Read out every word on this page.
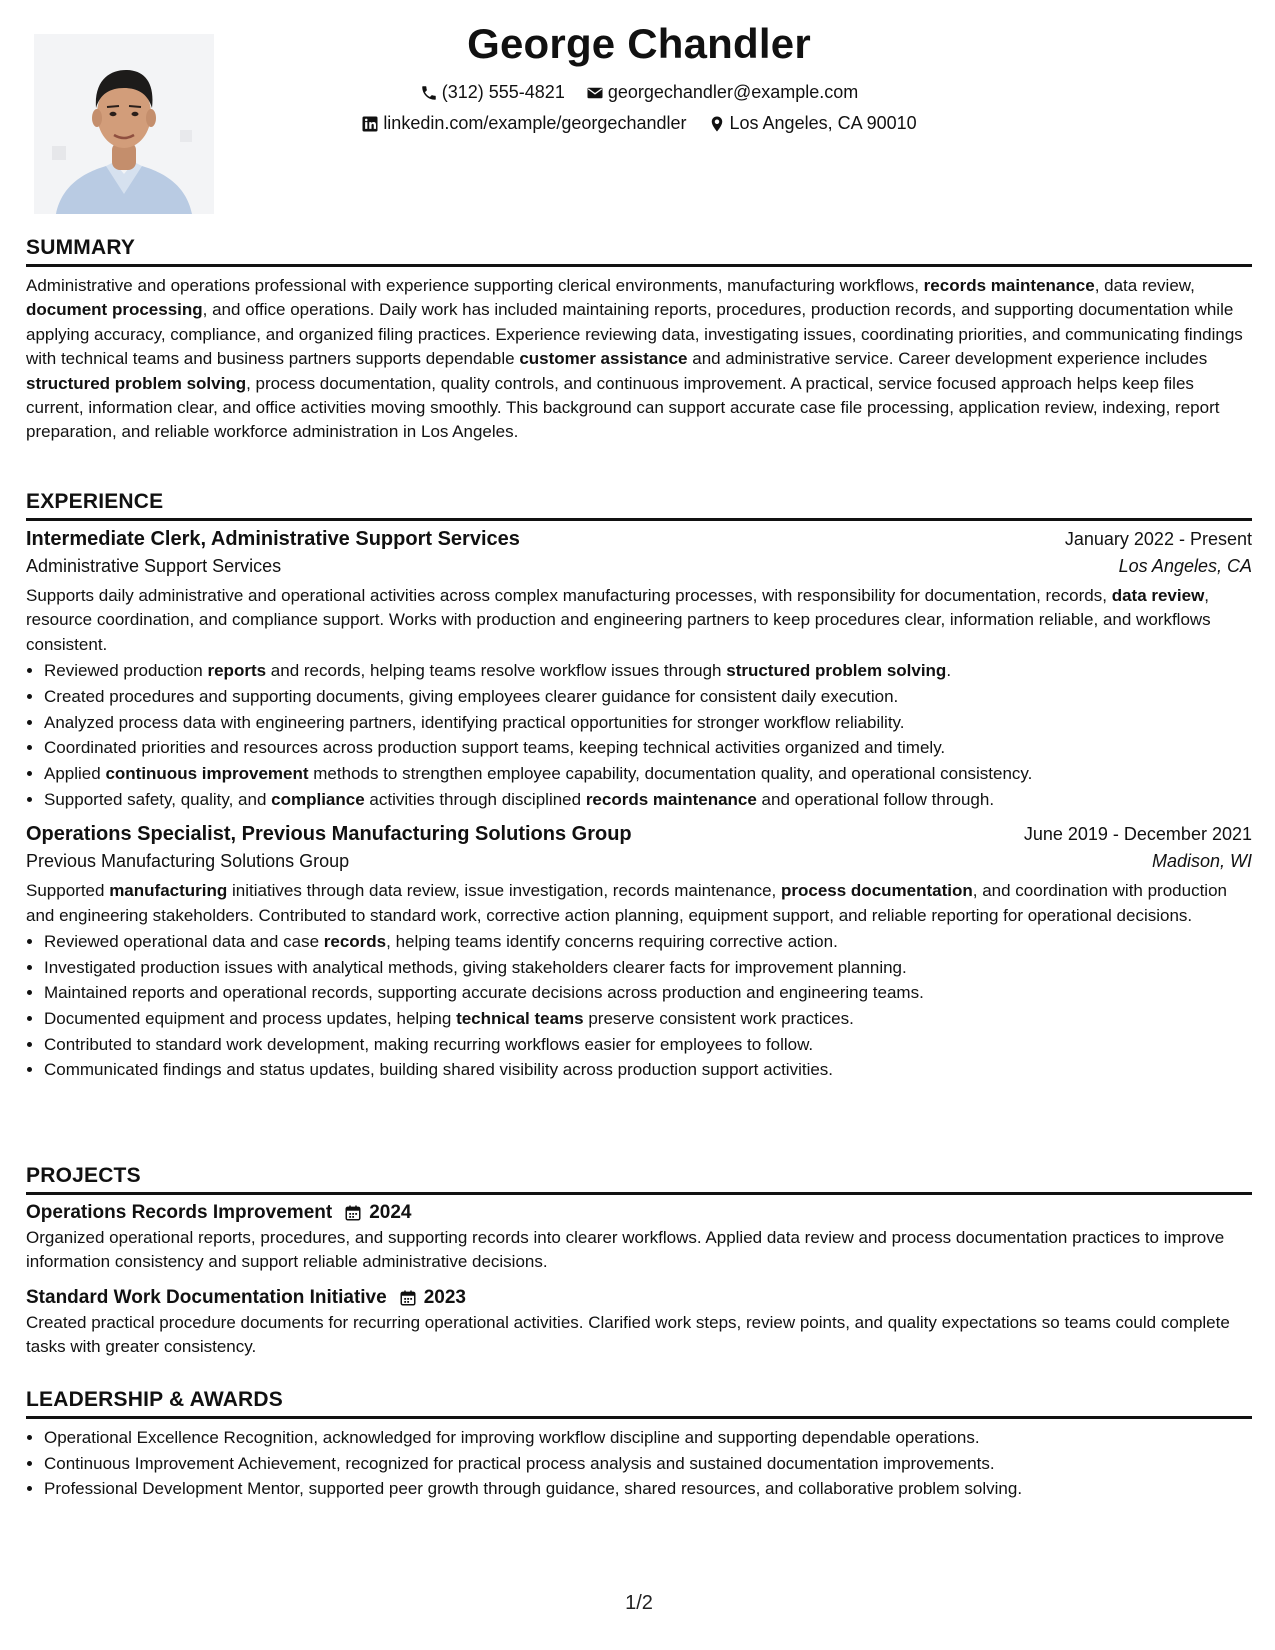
George Chandler
(312) 555-4821
georgechandler@example.com
linkedin.com/example/georgechandler
Los Angeles, CA 90010
SUMMARY

Administrative and operations professional with experience supporting clerical environments, manufacturing workflows, records maintenance, data review, document processing, and office operations. Daily work has included maintaining reports, procedures, production records, and supporting documentation while applying accuracy, compliance, and organized filing practices. Experience reviewing data, investigating issues, coordinating priorities, and communicating findings with technical teams and business partners supports dependable customer assistance and administrative service. Career development experience includes structured problem solving, process documentation, quality controls, and continuous improvement. A practical, service focused approach helps keep files current, information clear, and office activities moving smoothly. This background can support accurate case file processing, application review, indexing, report preparation, and reliable workforce administration in Los Angeles.

EXPERIENCE
Intermediate Clerk, Administrative Support Services	January 2022 - Present
Administrative Support Services	Los Angeles, CA

Supports daily administrative and operational activities across complex manufacturing processes, with responsibility for documentation, records, data review, resource coordination, and compliance support. Works with production and engineering partners to keep procedures clear, information reliable, and workflows consistent.

• Reviewed production reports and records, helping teams resolve workflow issues through structured problem solving.
• Created procedures and supporting documents, giving employees clearer guidance for consistent daily execution.
• Analyzed process data with engineering partners, identifying practical opportunities for stronger workflow reliability.
• Coordinated priorities and resources across production support teams, keeping technical activities organized and timely.
• Applied continuous improvement methods to strengthen employee capability, documentation quality, and operational consistency.
• Supported safety, quality, and compliance activities through disciplined records maintenance and operational follow through.
Operations Specialist, Previous Manufacturing Solutions Group	June 2019 - December 2021
Previous Manufacturing Solutions Group	Madison, WI

Supported manufacturing initiatives through data review, issue investigation, records maintenance, process documentation, and coordination with production and engineering stakeholders. Contributed to standard work, corrective action planning, equipment support, and reliable reporting for operational decisions.

• Reviewed operational data and case records, helping teams identify concerns requiring corrective action.
• Investigated production issues with analytical methods, giving stakeholders clearer facts for improvement planning.
• Maintained reports and operational records, supporting accurate decisions across production and engineering teams.
• Documented equipment and process updates, helping technical teams preserve consistent work practices.
• Contributed to standard work development, making recurring workflows easier for employees to follow.
• Communicated findings and status updates, building shared visibility across production support activities.
PROJECTS
Operations Records Improvement 2024

Organized operational reports, procedures, and supporting records into clearer workflows. Applied data review and process documentation practices to improve information consistency and support reliable administrative decisions.

Standard Work Documentation Initiative 2023

Created practical procedure documents for recurring operational activities. Clarified work steps, review points, and quality expectations so teams could complete tasks with greater consistency.

LEADERSHIP & AWARDS
• Operational Excellence Recognition, acknowledged for improving workflow discipline and supporting dependable operations.
• Continuous Improvement Achievement, recognized for practical process analysis and sustained documentation improvements.
• Professional Development Mentor, supported peer growth through guidance, shared resources, and collaborative problem solving.
1/2
